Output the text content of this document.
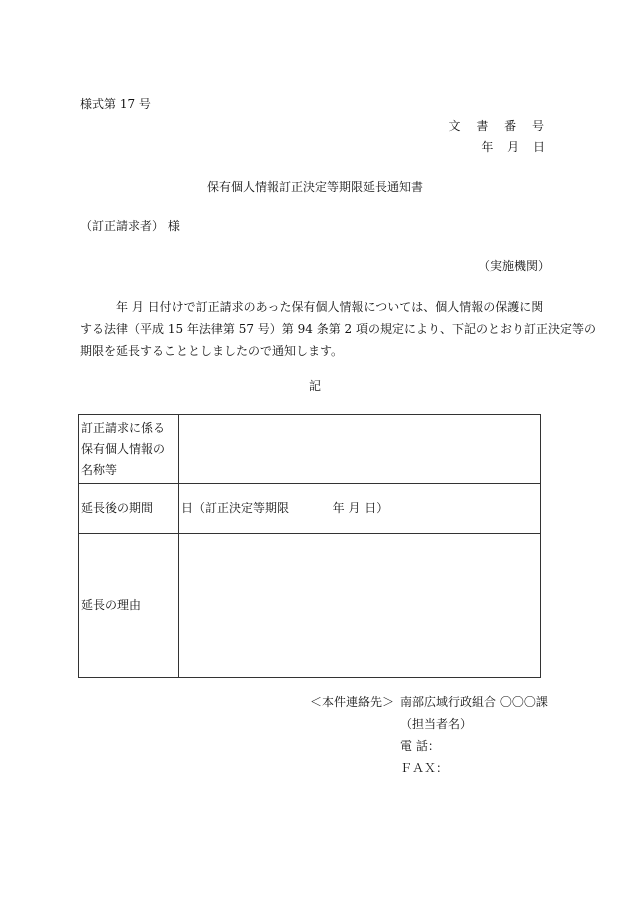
様式第 17 号
文 書 番 号
年 月 日
保有個人情報訂正決定等期限延長通知書
（訂正請求者） 様
（実施機関）
年 月 日付けで訂正請求のあった保有個人情報については、個人情報の保護に関
する法律（平成 15 年法律第 57 号）第 94 条第 2 項の規定により、下記のとおり訂正決定等の
期限を延長することとしましたので通知します。
記
訂正請求に係る保有個人情報の名称等	
延長後の期間	日（訂正決定等期限 　　　 年 月 日）
延長の理由	
＜本件連絡先＞ 南部広域行政組合 〇〇〇課
（担当者名）
電 話：
ＦＡＸ：
